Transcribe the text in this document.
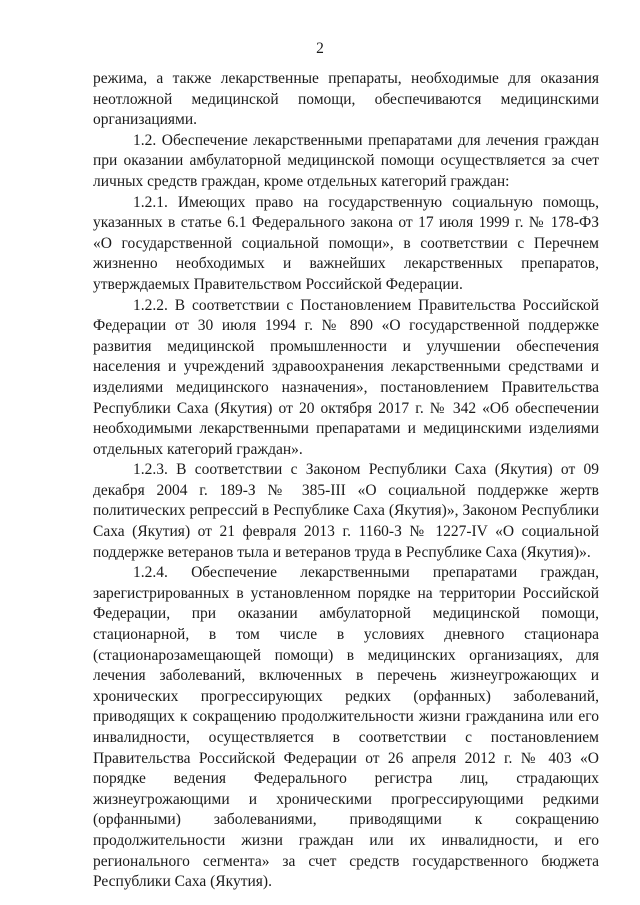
2

режима, а также лекарственные препараты, необходимые для оказания неотложной медицинской помощи, обеспечиваются медицинскими организациями.

1.2. Обеспечение лекарственными препаратами для лечения граждан при оказании амбулаторной медицинской помощи осуществляется за счет личных средств граждан, кроме отдельных категорий граждан:

1.2.1. Имеющих право на государственную социальную помощь, указанных в статье 6.1 Федерального закона от 17 июля 1999 г. № 178-ФЗ «О государственной социальной помощи», в соответствии с Перечнем жизненно необходимых и важнейших лекарственных препаратов, утверждаемых Правительством Российской Федерации.

1.2.2. В соответствии с Постановлением Правительства Российской Федерации от 30 июля 1994 г. № 890 «О государственной поддержке развития медицинской промышленности и улучшении обеспечения населения и учреждений здравоохранения лекарственными средствами и изделиями медицинского назначения», постановлением Правительства Республики Саха (Якутия) от 20 октября 2017 г. № 342 «Об обеспечении необходимыми лекарственными препаратами и медицинскими изделиями отдельных категорий граждан».

1.2.3. В соответствии с Законом Республики Саха (Якутия) от 09 декабря 2004 г. 189-З № 385-III «О социальной поддержке жертв политических репрессий в Республике Саха (Якутия)», Законом Республики Саха (Якутия) от 21 февраля 2013 г. 1160-З № 1227-IV «О социальной поддержке ветеранов тыла и ветеранов труда в Республике Саха (Якутия)».

1.2.4. Обеспечение лекарственными препаратами граждан, зарегистрированных в установленном порядке на территории Российской Федерации, при оказании амбулаторной медицинской помощи, стационарной, в том числе в условиях дневного стационара (стационарозамещающей помощи) в медицинских организациях, для лечения заболеваний, включенных в перечень жизнеугрожающих и хронических прогрессирующих редких (орфанных) заболеваний, приводящих к сокращению продолжительности жизни гражданина или его инвалидности, осуществляется в соответствии с постановлением Правительства Российской Федерации от 26 апреля 2012 г. № 403 «О порядке ведения Федерального регистра лиц, страдающих жизнеугрожающими и хроническими прогрессирующими редкими (орфанными) заболеваниями, приводящими к сокращению продолжительности жизни граждан или их инвалидности, и его регионального сегмента» за счет средств государственного бюджета Республики Саха (Якутия).
